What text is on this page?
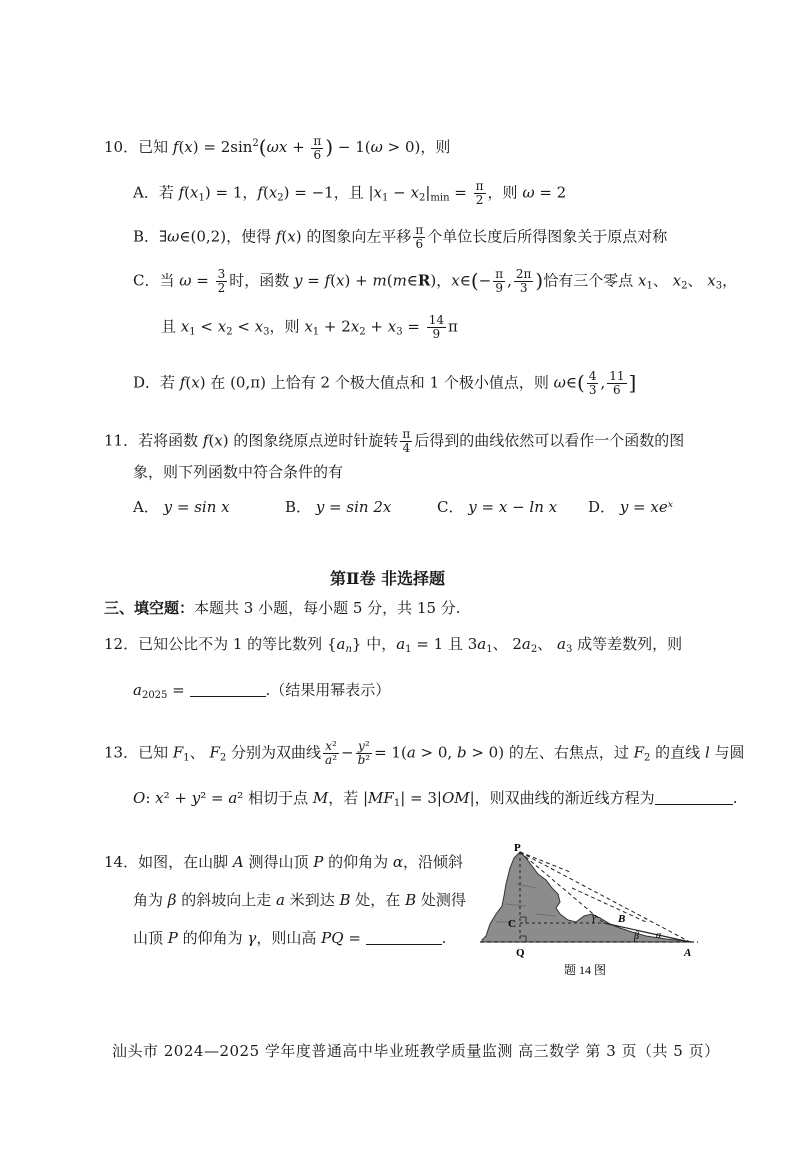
10．已知 $f(x) = 2\sin^2(\omega x + \frac{\pi}{6}$ ) − 1(ω > 0)，则
A．若 $f(x_1) = 1$，$f(x_2) = -1$，且 $|x_1 - x_2|_{min} = \frac{\pi}{2}$ ，则 ω = 2
B．∃ω∈(0,2)，使得 f(x) 的图象向左平移 $\frac{\pi}{6}$ 个单位长度后所得图象关于原点对称
C．当 $\omega = \frac{3}{2}$ 时，函数 y = f(x) + m(m∈R)，x∈(− $\frac{\pi}{9}$ , $\frac{2\pi}{3}$ )恰有三个零点 $x_1$、 $x_2$、 $x_3$，
且 $x_1 < x_2 < x_3$，则 $x_1 + 2x_2 + x_3 = \frac{14}{9}$ π
D．若 f(x) 在 (0,π) 上恰有 2 个极大值点和 1 个极小值点，则 ω∈( $\frac{4}{3}$ , $\frac{11}{6}$ ]
11．若将函数 f(x) 的图象绕原点逆时针旋转 $\frac{\pi}{4}$ 后得到的曲线依然可以看作一个函数的图
象，则下列函数中符合条件的有
A． y = sin x	B． y = sin 2x	C． y = x − ln x D． y = xeˣ
第Ⅱ卷 非选择题
三、填空题：本题共 3 小题，每小题 5 分，共 15 分.
12．已知公比不为 1 的等比数列 $\{a_n\}$ 中，$a_1 = 1$ 且 $3a_1$、 $2a_2$、 $a_3$ 成等差数列，则
$a_{2025}$ =	.（结果用幂表示）
13．已知 $F_1$、 $F_2$ 分别为双曲线 $\frac{\text{x²}}{\text{a²}} - \frac{\text{y²}}{\text{b²}} = 1(a > 0$, b > 0) 的左、右焦点，过 $F_2$ 的直线 l 与圆
O: x² + y² = a² 相切于点 M，若 $|MF_1| = 3|OM|$，则双曲线的渐近线方程为	.
14．如图，在山脚 A 测得山顶 P 的仰角为 α，沿倾斜
角为 β 的斜坡向上走 a 米到达 B 处，在 B 处测得
山顶 P 的仰角为 γ，则山高 PQ =	.
P
C
Q	A
B
γ
β α
题 14 图
汕头市 2024—2025 学年度普通高中毕业班教学质量监测 高三数学 第 3 页（共 5 页）
